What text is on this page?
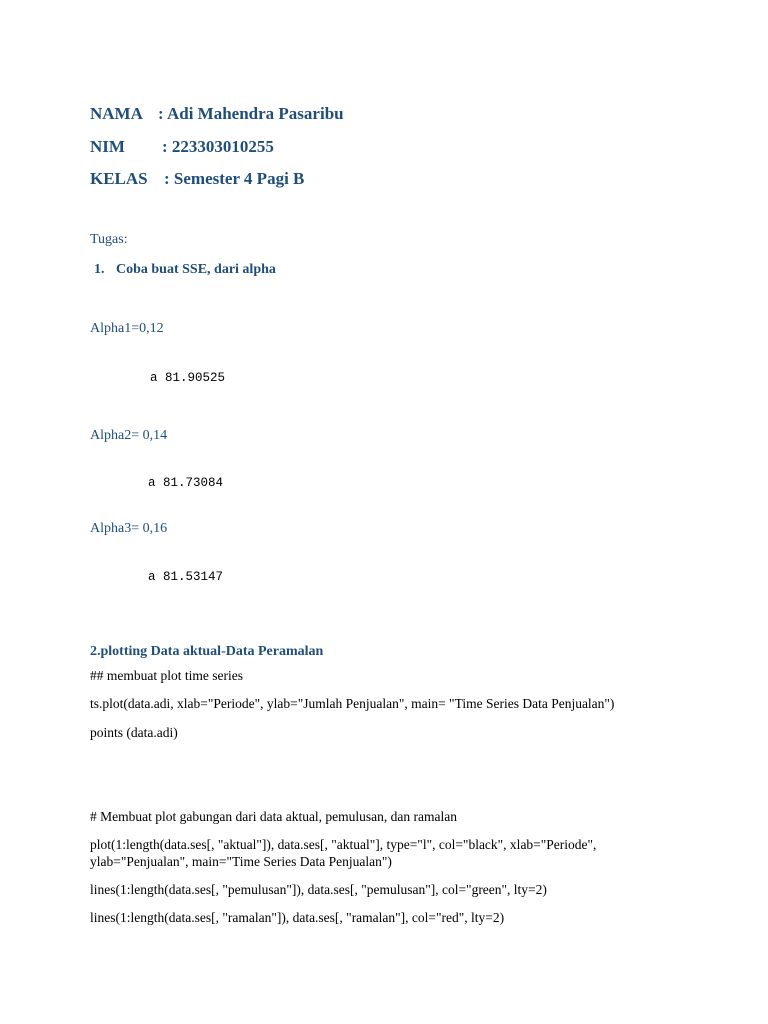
NAMA : Adi Mahendra Pasaribu
NIM : 223303010255
KELAS : Semester 4 Pagi B
Tugas:
1. Coba buat SSE, dari alpha
Alpha1=0,12
a 81.90525
Alpha2= 0,14
a 81.73084
Alpha3= 0,16
a 81.53147
2.plotting Data aktual-Data Peramalan
## membuat plot time series
ts.plot(data.adi, xlab="Periode", ylab="Jumlah Penjualan", main= "Time Series Data Penjualan")
points (data.adi)
# Membuat plot gabungan dari data aktual, pemulusan, dan ramalan
plot(1:length(data.ses[, "aktual"]), data.ses[, "aktual"], type="l", col="black", xlab="Periode",
ylab="Penjualan", main="Time Series Data Penjualan")
lines(1:length(data.ses[, "pemulusan"]), data.ses[, "pemulusan"], col="green", lty=2)
lines(1:length(data.ses[, "ramalan"]), data.ses[, "ramalan"], col="red", lty=2)
